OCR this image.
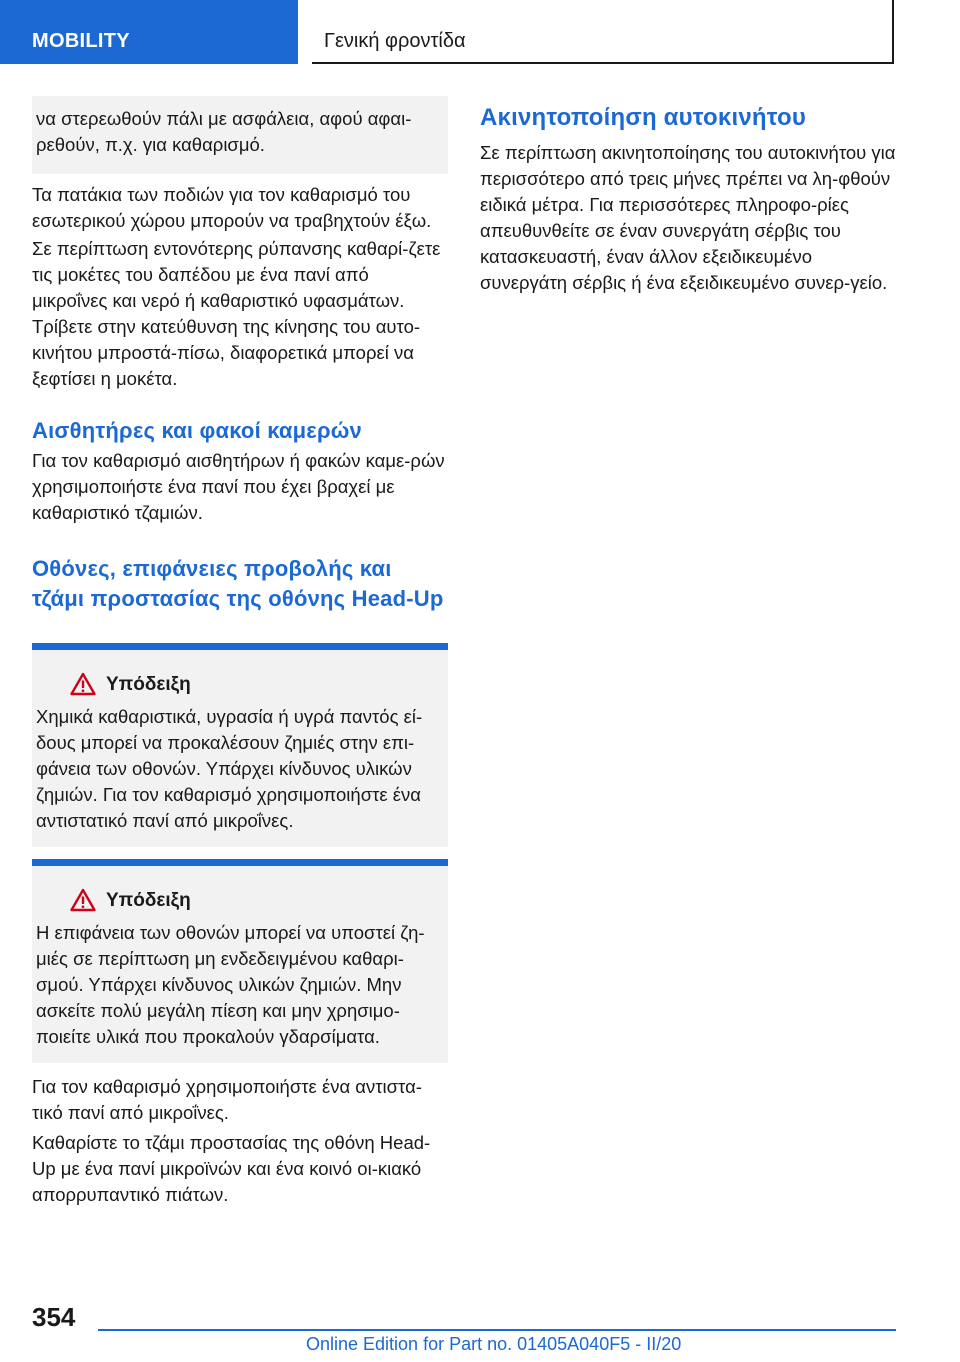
MOBILITY	Γενική φροντίδα

να στερεωθούν πάλι με ασφάλεια, αφού αφαι-ρεθούν, π.χ. για καθαρισμό.

Τα πατάκια των ποδιών για τον καθαρισμό του εσωτερικού χώρου μπορούν να τραβηχτούν έξω.

Σε περίπτωση εντονότερης ρύπανσης καθαρί-ζετε τις μοκέτες του δαπέδου με ένα πανί από μικροΐνες και νερό ή καθαριστικό υφασμάτων. Τρίβετε στην κατεύθυνση της κίνησης του αυτο-κινήτου μπροστά-πίσω, διαφορετικά μπορεί να ξεφτίσει η μοκέτα.

Αισθητήρες και φακοί καμερών

Για τον καθαρισμό αισθητήρων ή φακών καμε-ρών χρησιμοποιήστε ένα πανί που έχει βραχεί με καθαριστικό τζαμιών.

Οθόνες, επιφάνειες προβολής και τζάμι προστασίας της οθόνης Head-Up
Υπόδειξη

Χημικά καθαριστικά, υγρασία ή υγρά παντός εί-δους μπορεί να προκαλέσουν ζημιές στην επι-φάνεια των οθονών. Υπάρχει κίνδυνος υλικών ζημιών. Για τον καθαρισμό χρησιμοποιήστε ένα αντιστατικό πανί από μικροΐνες.

Υπόδειξη

Η επιφάνεια των οθονών μπορεί να υποστεί ζη-μιές σε περίπτωση μη ενδεδειγμένου καθαρι-σμού. Υπάρχει κίνδυνος υλικών ζημιών. Μην ασκείτε πολύ μεγάλη πίεση και μην χρησιμο-ποιείτε υλικά που προκαλούν γδαρσίματα.

Για τον καθαρισμό χρησιμοποιήστε ένα αντιστα-τικό πανί από μικροΐνες.

Καθαρίστε το τζάμι προστασίας της οθόνη Head-Up με ένα πανί μικροϊνών και ένα κοινό οι-κιακό απορρυπαντικό πιάτων.

Ακινητοποίηση αυτοκινήτου

Σε περίπτωση ακινητοποίησης του αυτοκινήτου για περισσότερο από τρεις μήνες πρέπει να λη-φθούν ειδικά μέτρα. Για περισσότερες πληροφο-ρίες απευθυνθείτε σε έναν συνεργάτη σέρβις του κατασκευαστή, έναν άλλον εξειδικευμένο συνεργάτη σέρβις ή ένα εξειδικευμένο συνερ-γείο.

354
Online Edition for Part no. 01405A040F5 - II/20
